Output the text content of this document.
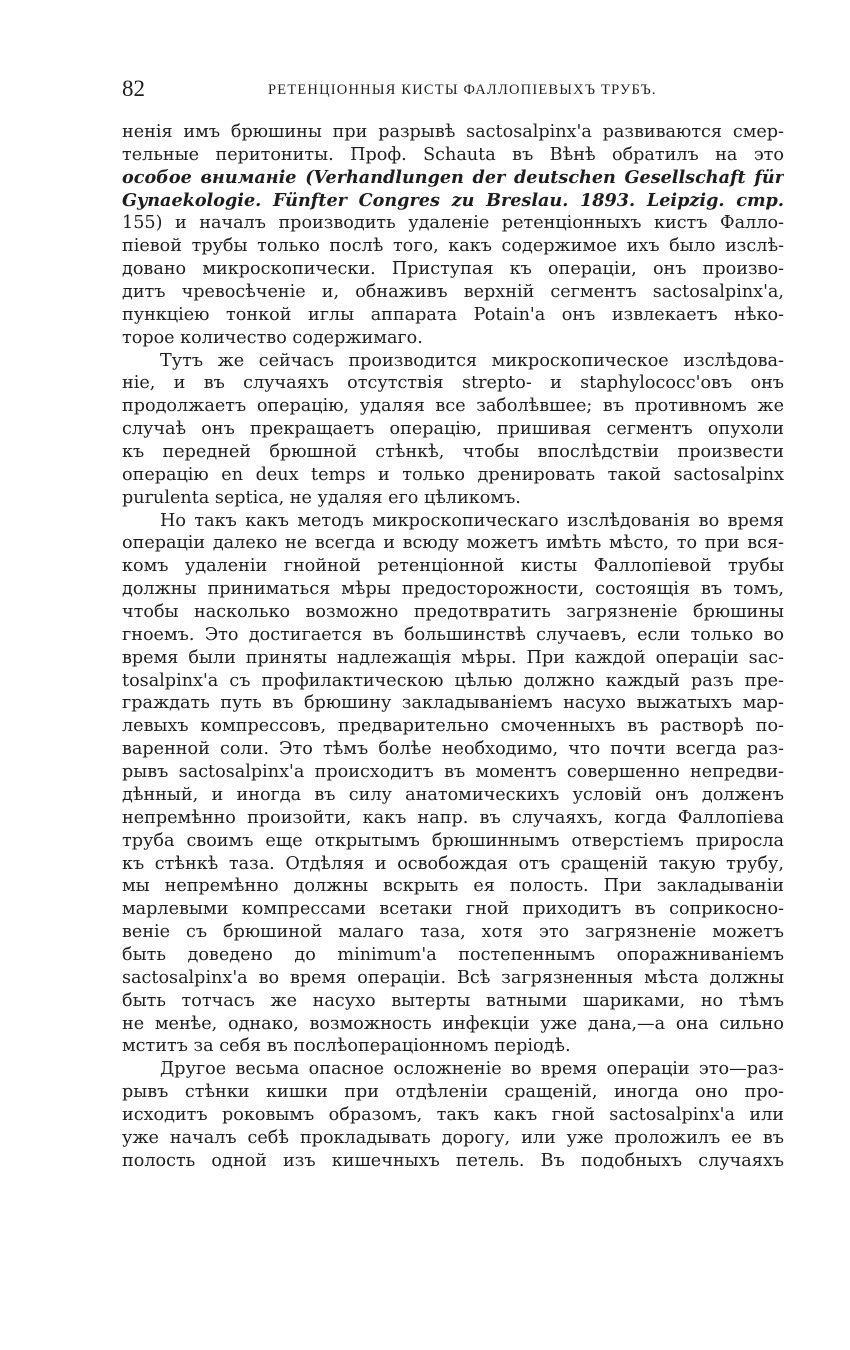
82	РЕТЕНЦІОННЫЯ КИСТЫ ФАЛЛОПІЕВЫХЪ ТРУБЪ.
ненія имъ брюшины при разрывѣ sactosalpinx'а развиваются смер-
тельные перитониты. Проф. Schauta въ Вѣнѣ обратилъ на это
особое вниманіе (Verhandlungen der deutschen Gesellschaft für
Gynaekologie. Fünfter Congres zu Breslau. 1893. Leipzig. стр.
155) и началъ производить удаленіе ретенціонныхъ кистъ Фалло-
піевой трубы только послѣ того, какъ содержимое ихъ было изслѣ-
довано микроскопически. Приступая къ операціи, онъ произво-
дитъ чревосѣченіе и, обнаживъ верхній сегментъ sactosalpinx'а,
пункціею тонкой иглы аппарата Potain'а онъ извлекаетъ нѣко-
торое количество содержимаго.
Тутъ же сейчасъ производится микроскопическое изслѣдова-
ніе, и въ случаяхъ отсутствія strepto- и staphylococc'овъ онъ
продолжаетъ операцію, удаляя все заболѣвшее; въ противномъ же
случаѣ онъ прекращаетъ операцію, пришивая сегментъ опухоли
къ передней брюшной стѣнкѣ, чтобы впослѣдствіи произвести
операцію en deux temps и только дренировать такой sactosalpinx
purulenta septica, не удаляя его цѣликомъ.
Но такъ какъ методъ микроскопическаго изслѣдованія во время
операціи далеко не всегда и всюду можетъ имѣть мѣсто, то при вся-
комъ удаленіи гнойной ретенціонной кисты Фаллопіевой трубы
должны приниматься мѣры предосторожности, состоящія въ томъ,
чтобы насколько возможно предотвратить загрязненіе брюшины
гноемъ. Это достигается въ большинствѣ случаевъ, если только во
время были приняты надлежащія мѣры. При каждой операціи sac-
tosalpinx'а съ профилактическою цѣлью должно каждый разъ пре-
граждать путь въ брюшину закладываніемъ насухо выжатыхъ мар-
левыхъ компрессовъ, предварительно смоченныхъ въ растворѣ по-
варенной соли. Это тѣмъ болѣе необходимо, что почти всегда раз-
рывъ sactosalpinx'а происходитъ въ моментъ совершенно непредви-
дѣнный, и иногда въ силу анатомическихъ условій онъ долженъ
непремѣнно произойти, какъ напр. въ случаяхъ, когда Фаллопіева
труба своимъ еще открытымъ брюшиннымъ отверстіемъ приросла
къ стѣнкѣ таза. Отдѣляя и освобождая отъ сращеній такую трубу,
мы непремѣнно должны вскрыть ея полость. При закладываніи
марлевыми компрессами всетаки гной приходитъ въ соприкосно-
веніе съ брюшиной малаго таза, хотя это загрязненіе можетъ
быть доведено до minimum'а постепеннымъ опоражниваніемъ
sactosalpinx'а во время операціи. Всѣ загрязненныя мѣста должны
быть тотчасъ же насухо вытерты ватными шариками, но тѣмъ
не менѣе, однако, возможность инфекціи уже дана,—а она сильно
мститъ за себя въ послѣоперaціонномъ періодѣ.
Другое весьма опасное осложненіе во время операціи это—раз-
рывъ стѣнки кишки при отдѣленіи сращеній, иногда оно про-
исходитъ роковымъ образомъ, такъ какъ гной sactosalpinx'а или
уже началъ себѣ прокладывать дорогу, или уже проложилъ ее въ
полость одной изъ кишечныхъ петель. Въ подобныхъ случаяхъ
